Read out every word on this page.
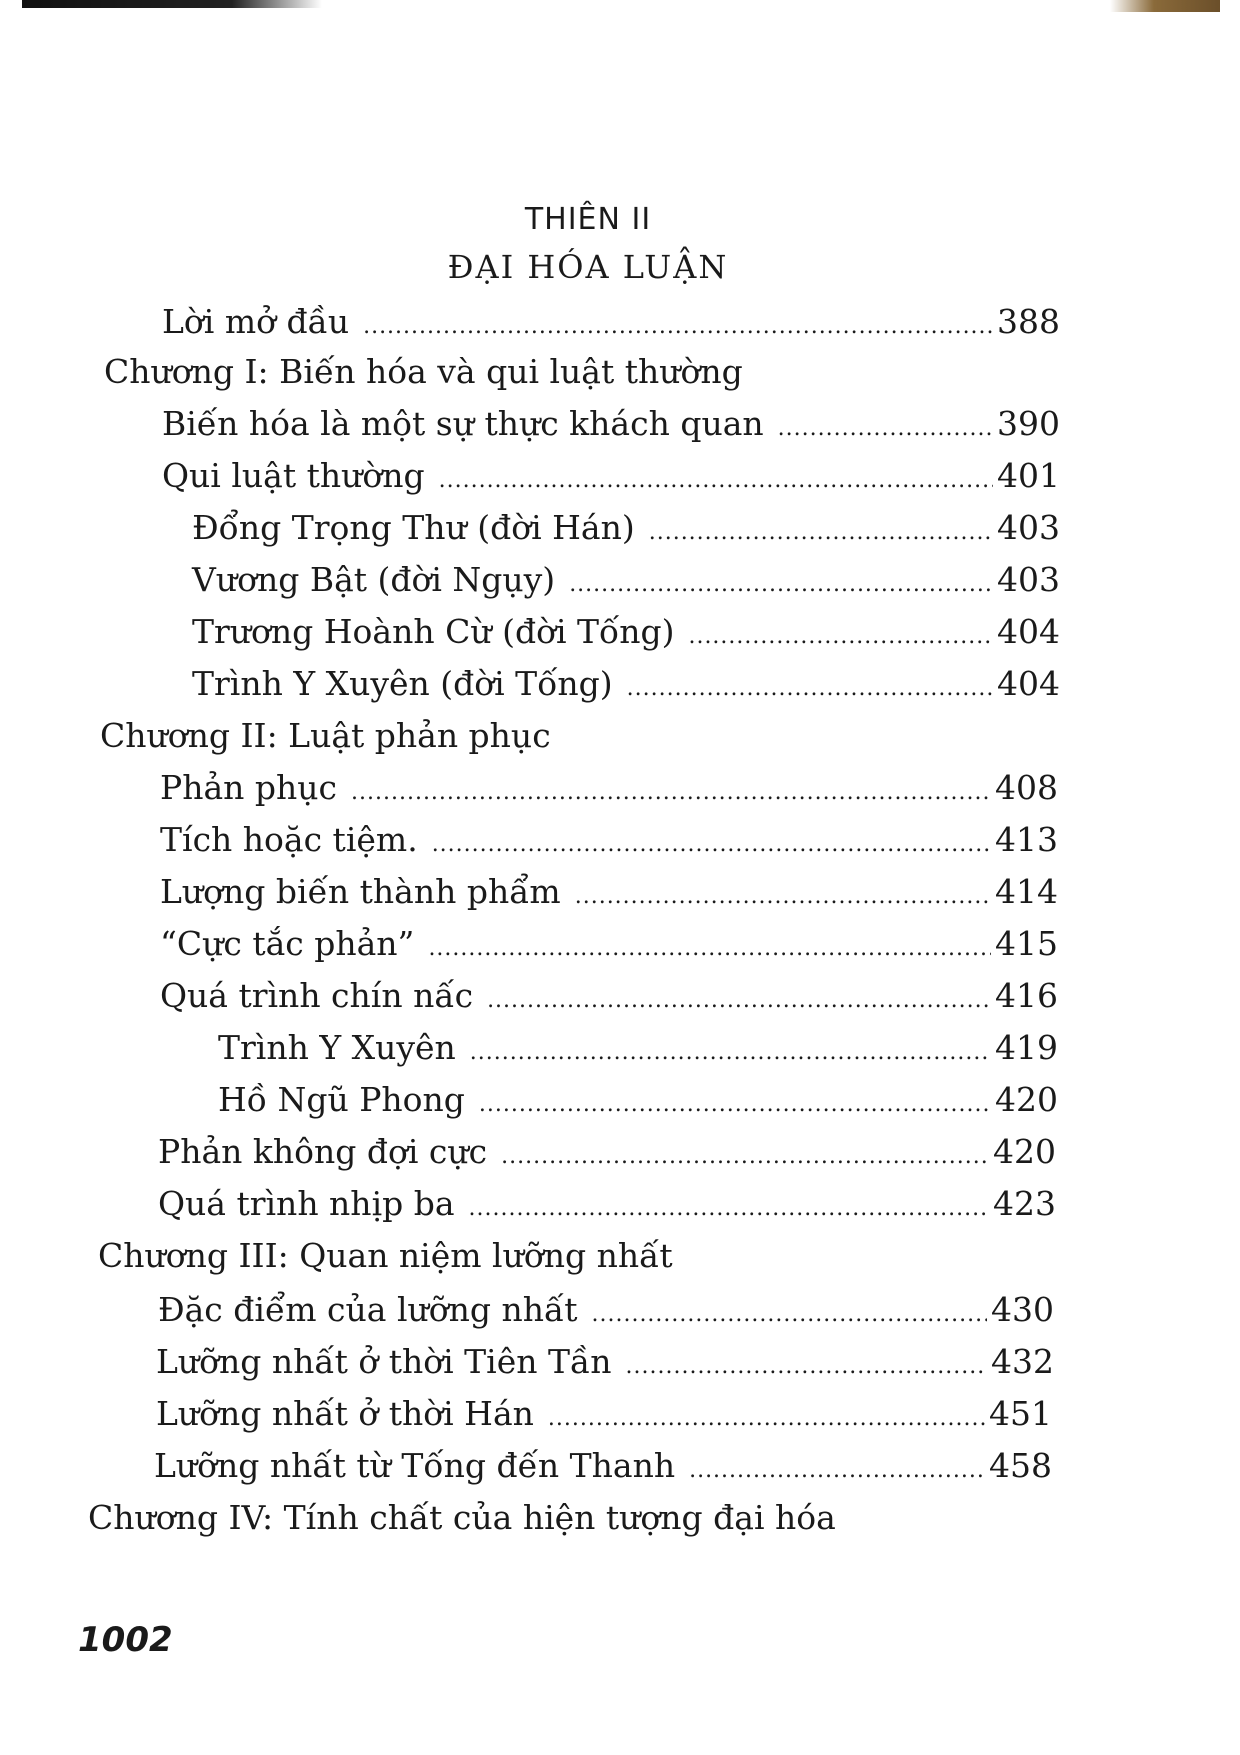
THIÊN II
ĐẠI HÓA LUẬN
Lời mở đầu .....	388
Chương I: Biến hóa và qui luật thường
Biến hóa là một sự thực khách quan .....	390
Qui luật thường .....	401
Đổng Trọng Thư (đời Hán) .....	403
Vương Bật (đời Ngụy) .....	403
Trương Hoành Cừ (đời Tống) .....	404
Trình Y Xuyên (đời Tống) .....	404
Chương II: Luật phản phục
Phản phục .....	408
Tích hoặc tiệm. .....	413
Lượng biến thành phẩm .....	414
“Cực tắc phản” .....	415
Quá trình chín nấc .....	416
Trình Y Xuyên .....	419
Hồ Ngũ Phong .....	420
Phản không đợi cực .....	420
Quá trình nhịp ba .....	423
Chương III: Quan niệm lưỡng nhất
Đặc điểm của lưỡng nhất .....	430
Lưỡng nhất ở thời Tiên Tần .....	432
Lưỡng nhất ở thời Hán .....	451
Lưỡng nhất từ Tống đến Thanh .....	458
Chương IV: Tính chất của hiện tượng đại hóa
1002
